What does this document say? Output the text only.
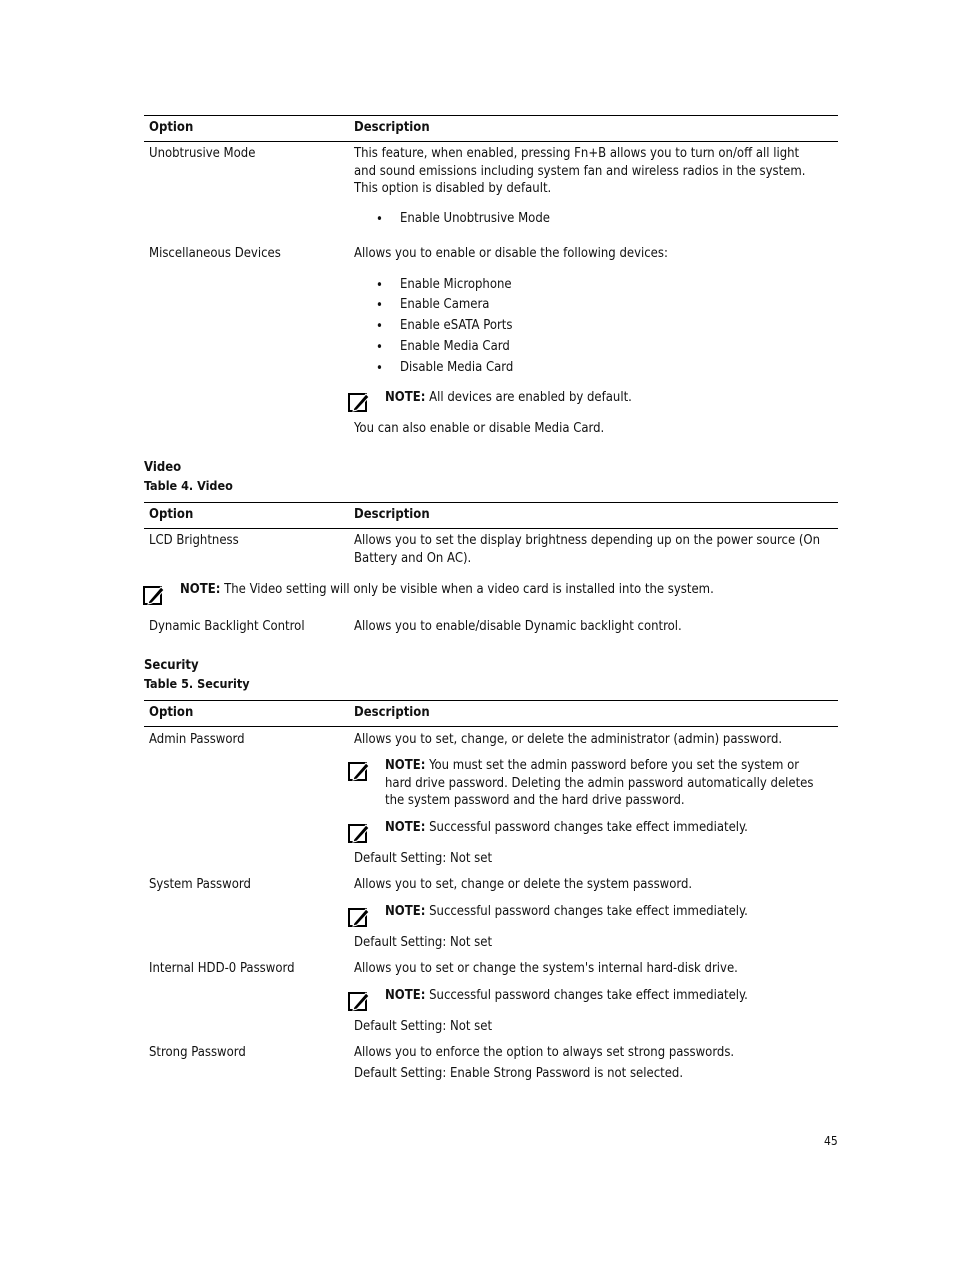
Option	Description
Unobtrusive Mode	This feature, when enabled, pressing Fn+B allows you to turn on/off all light and sound emissions including system fan and wireless radios in the system. This option is disabled by default.
• Enable Unobtrusive Mode
Miscellaneous Devices	Allows you to enable or disable the following devices:
• Enable Microphone
• Enable Camera
• Enable eSATA Ports
• Enable Media Card
• Disable Media Card
NOTE: All devices are enabled by default.
You can also enable or disable Media Card.
Video
Table 4. Video
Option	Description
LCD Brightness	Allows you to set the display brightness depending up on the power source (On Battery and On AC).
NOTE: The Video setting will only be visible when a video card is installed into the system.
Dynamic Backlight Control	Allows you to enable/disable Dynamic backlight control.
Security
Table 5. Security
Option	Description
Admin Password	Allows you to set, change, or delete the administrator (admin) password.
NOTE: You must set the admin password before you set the system or hard drive password. Deleting the admin password automatically deletes the system password and the hard drive password.
NOTE: Successful password changes take effect immediately.
Default Setting: Not set
System Password	Allows you to set, change or delete the system password.
NOTE: Successful password changes take effect immediately.
Default Setting: Not set
Internal HDD-0 Password	Allows you to set or change the system's internal hard-disk drive.
NOTE: Successful password changes take effect immediately.
Default Setting: Not set
Strong Password	Allows you to enforce the option to always set strong passwords.
Default Setting: Enable Strong Password is not selected.
45
